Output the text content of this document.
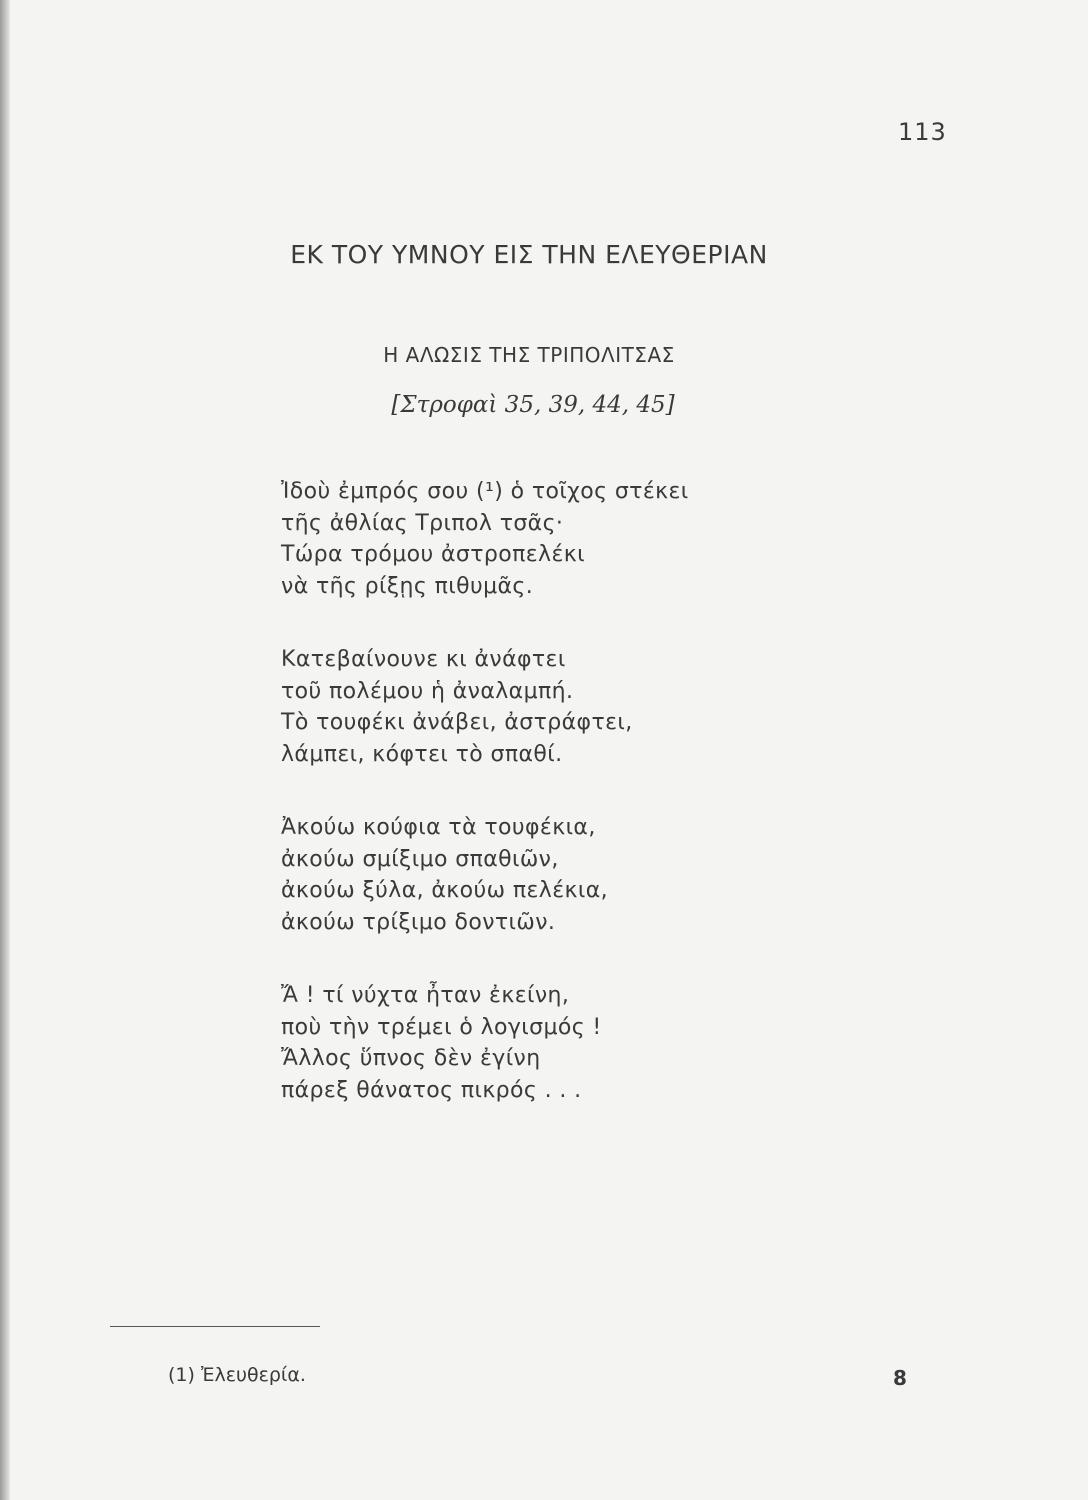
113
ΕΚ ΤΟΥ ΥΜΝΟΥ ΕΙΣ ΤΗΝ ΕΛΕΥΘΕΡΙΑΝ
Η ΑΛΩΣΙΣ ΤΗΣ ΤΡΙΠΟΛΙΤΣΑΣ
[Στροφαὶ 35, 39, 44, 45]
Ἰδοὺ ἐμπρός σου (¹) ὁ τοῖχος στέκει
τῆς ἀθλίας Τριπολ τσᾶς·
Τώρα τρόμου ἀστροπελέκι
νὰ τῆς ρίξῃς πιθυμᾶς.
Κατεβαίνουνε κι ἀνάφτει
τοῦ πολέμου ἡ ἀναλαμπή.
Τὸ τουφέκι ἀνάβει, ἀστράφτει,
λάμπει, κόφτει τὸ σπαθί.
Ἀκούω κούφια τὰ τουφέκια,
ἀκούω σμίξιμο σπαθιῶν,
ἀκούω ξύλα, ἀκούω πελέκια,
ἀκούω τρίξιμο δοντιῶν.
Ἄ ! τί νύχτα ἦταν ἐκείνη,
ποὺ τὴν τρέμει ὁ λογισμός !
Ἄλλος ὕπνος δὲν ἐγίνη
πάρεξ θάνατος πικρός . . .
(1) Ἐλευθερία.	8
